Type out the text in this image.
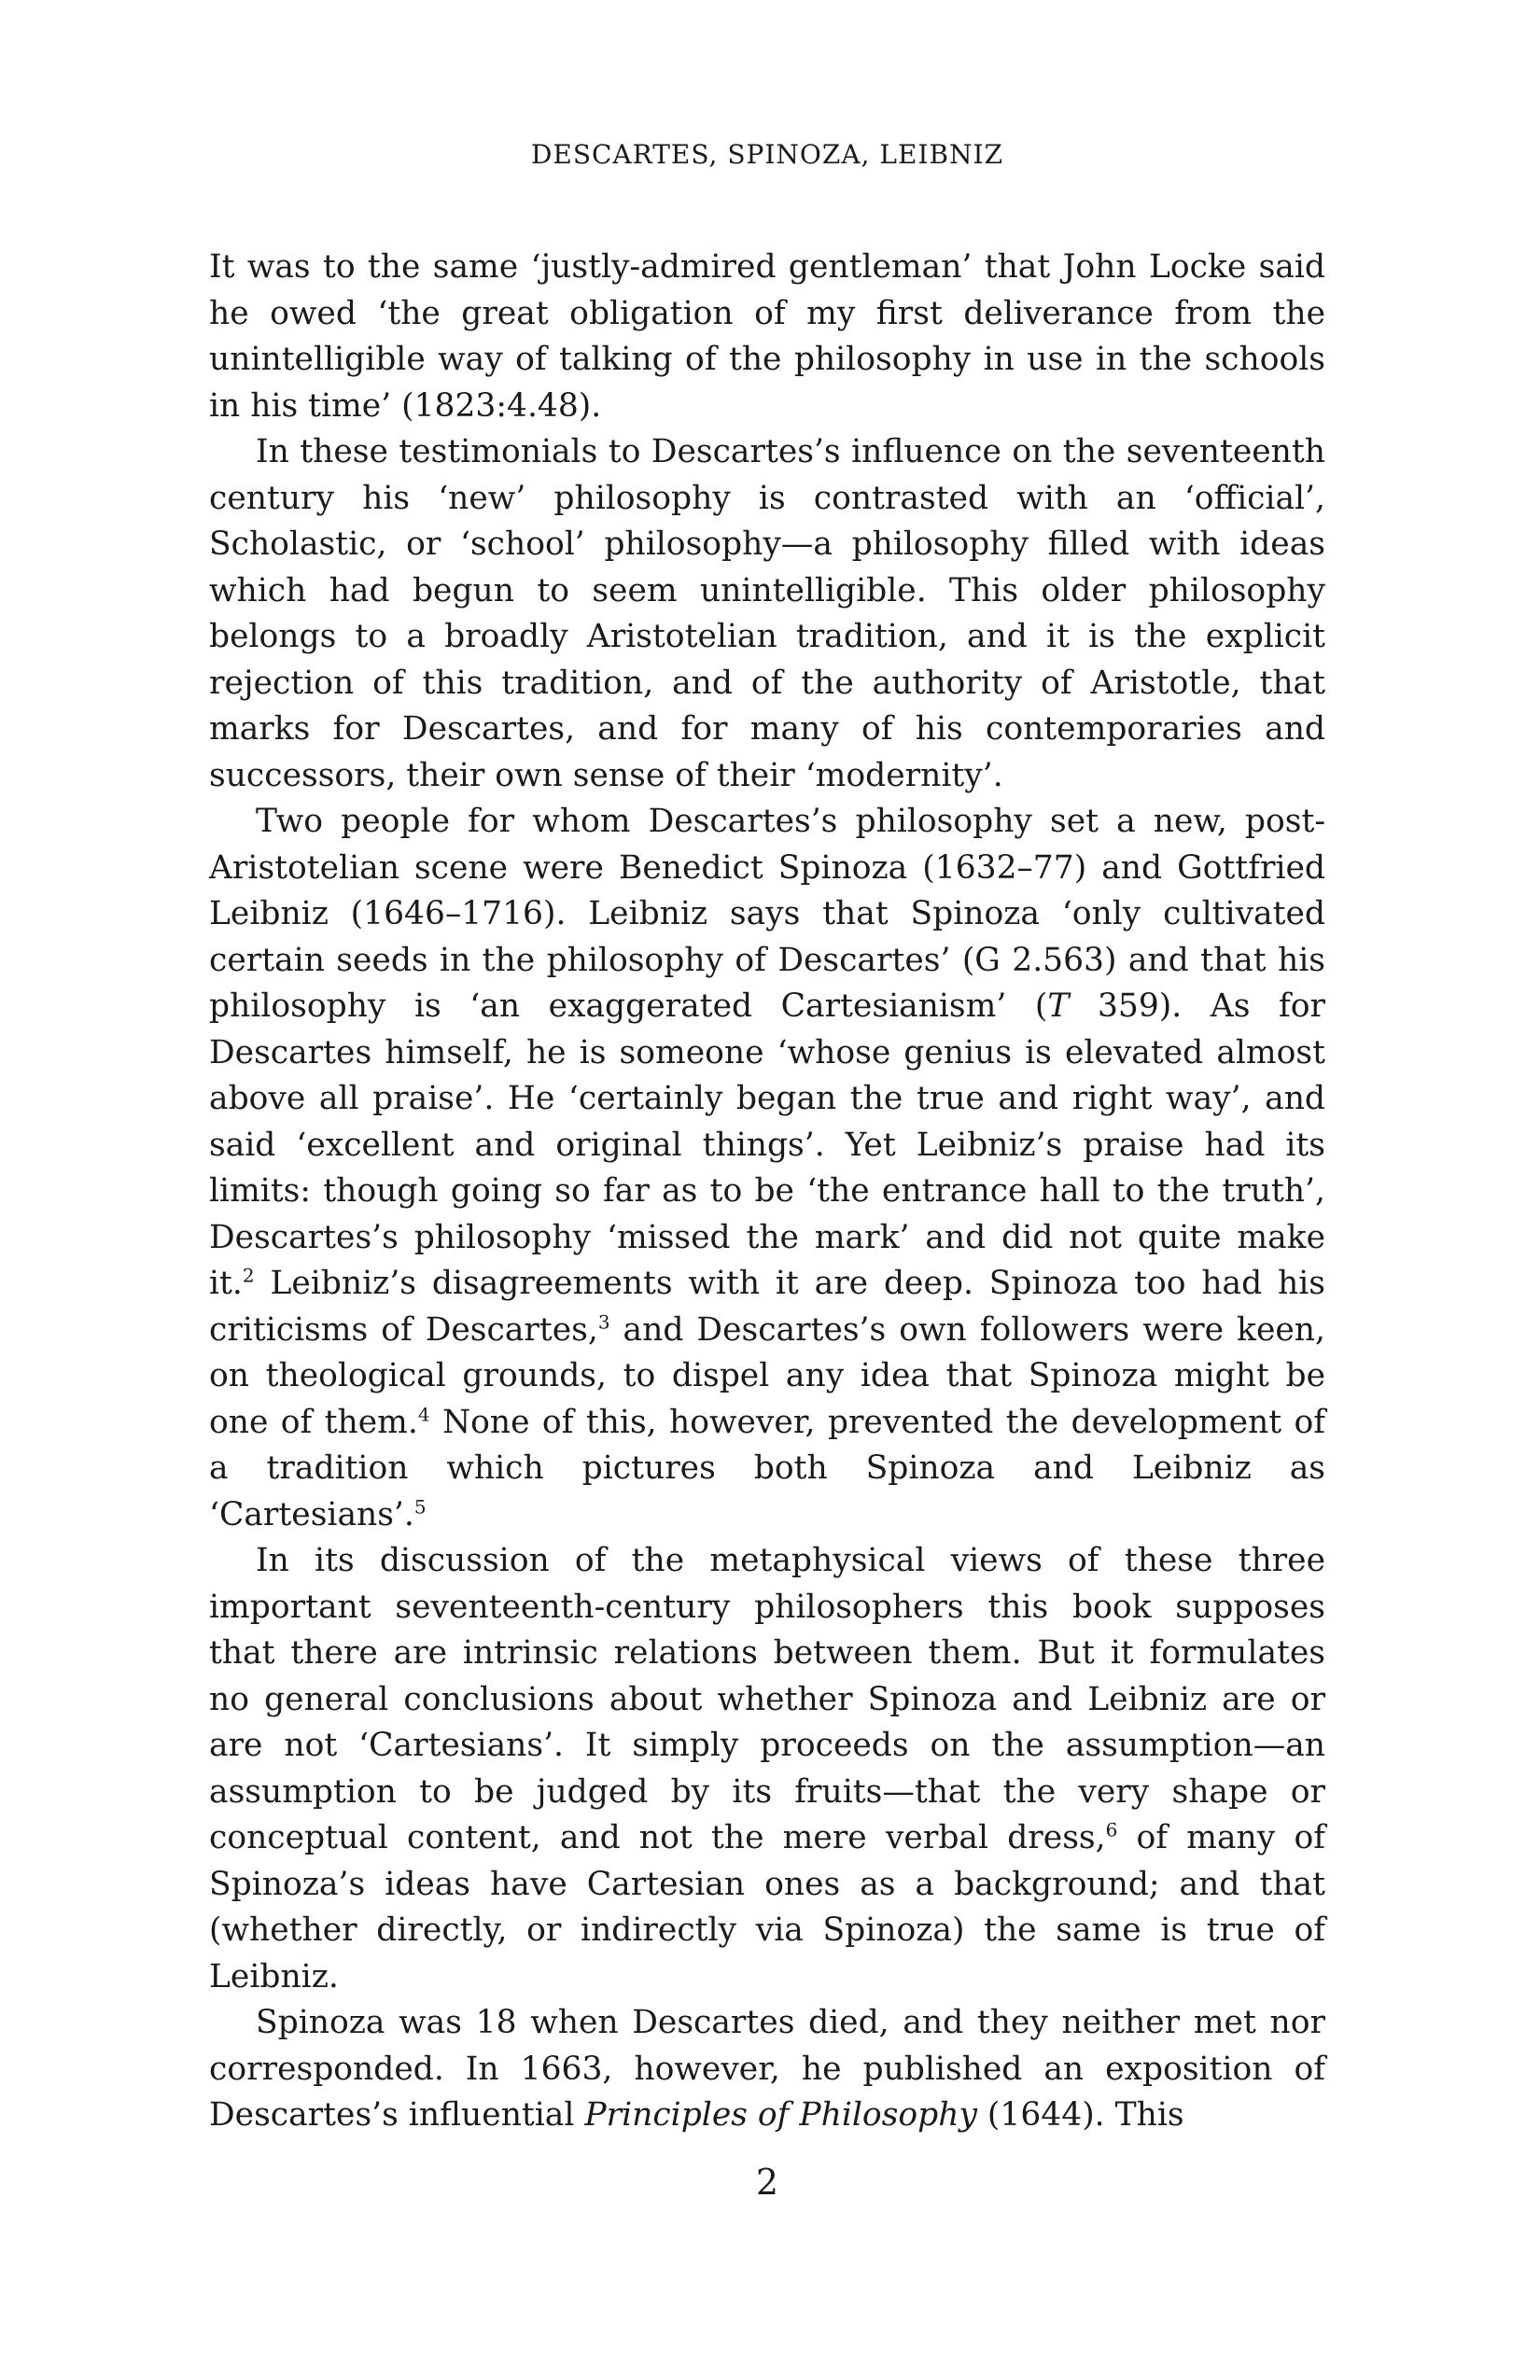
DESCARTES, SPINOZA, LEIBNIZ

It was to the same ‘justly-admired gentleman’ that John Locke said he owed ‘the great obligation of my first deliverance from the unintelligible way of talking of the philosophy in use in the schools in his time’ (1823:4.48).

In these testimonials to Descartes’s influence on the seventeenth century his ‘new’ philosophy is contrasted with an ‘official’, Scholastic, or ‘school’ philosophy—a philosophy filled with ideas which had begun to seem unintelligible. This older philosophy belongs to a broadly Aristotelian tradition, and it is the explicit rejection of this tradition, and of the authority of Aristotle, that marks for Descartes, and for many of his contemporaries and successors, their own sense of their ‘modernity’.

Two people for whom Descartes’s philosophy set a new, post-Aristotelian scene were Benedict Spinoza (1632–77) and Gottfried Leibniz (1646–1716). Leibniz says that Spinoza ‘only cultivated certain seeds in the philosophy of Descartes’ (G 2.563) and that his philosophy is ‘an exaggerated Cartesianism’ (T 359). As for Descartes himself, he is someone ‘whose genius is elevated almost above all praise’. He ‘certainly began the true and right way’, and said ‘excellent and original things’. Yet Leibniz’s praise had its limits: though going so far as to be ‘the entrance hall to the truth’, Descartes’s philosophy ‘missed the mark’ and did not quite make it.$^2$ Leibniz’s disagreements with it are deep. Spinoza too had his criticisms of Descartes,$^3$ and Descartes’s own followers were keen, on theological grounds, to dispel any idea that Spinoza might be one of them.$^4$ None of this, however, prevented the development of a tradition which pictures both Spinoza and Leibniz as ‘Cartesians’.$^5$

In its discussion of the metaphysical views of these three important seventeenth-century philosophers this book supposes that there are intrinsic relations between them. But it formulates no general conclusions about whether Spinoza and Leibniz are or are not ‘Cartesians’. It simply proceeds on the assumption—an assumption to be judged by its fruits—that the very shape or conceptual content, and not the mere verbal dress,$^6$ of many of Spinoza’s ideas have Cartesian ones as a background; and that (whether directly, or indirectly via Spinoza) the same is true of Leibniz.

Spinoza was 18 when Descartes died, and they neither met nor corresponded. In 1663, however, he published an exposition of Descartes’s influential Principles of Philosophy (1644). This

2
